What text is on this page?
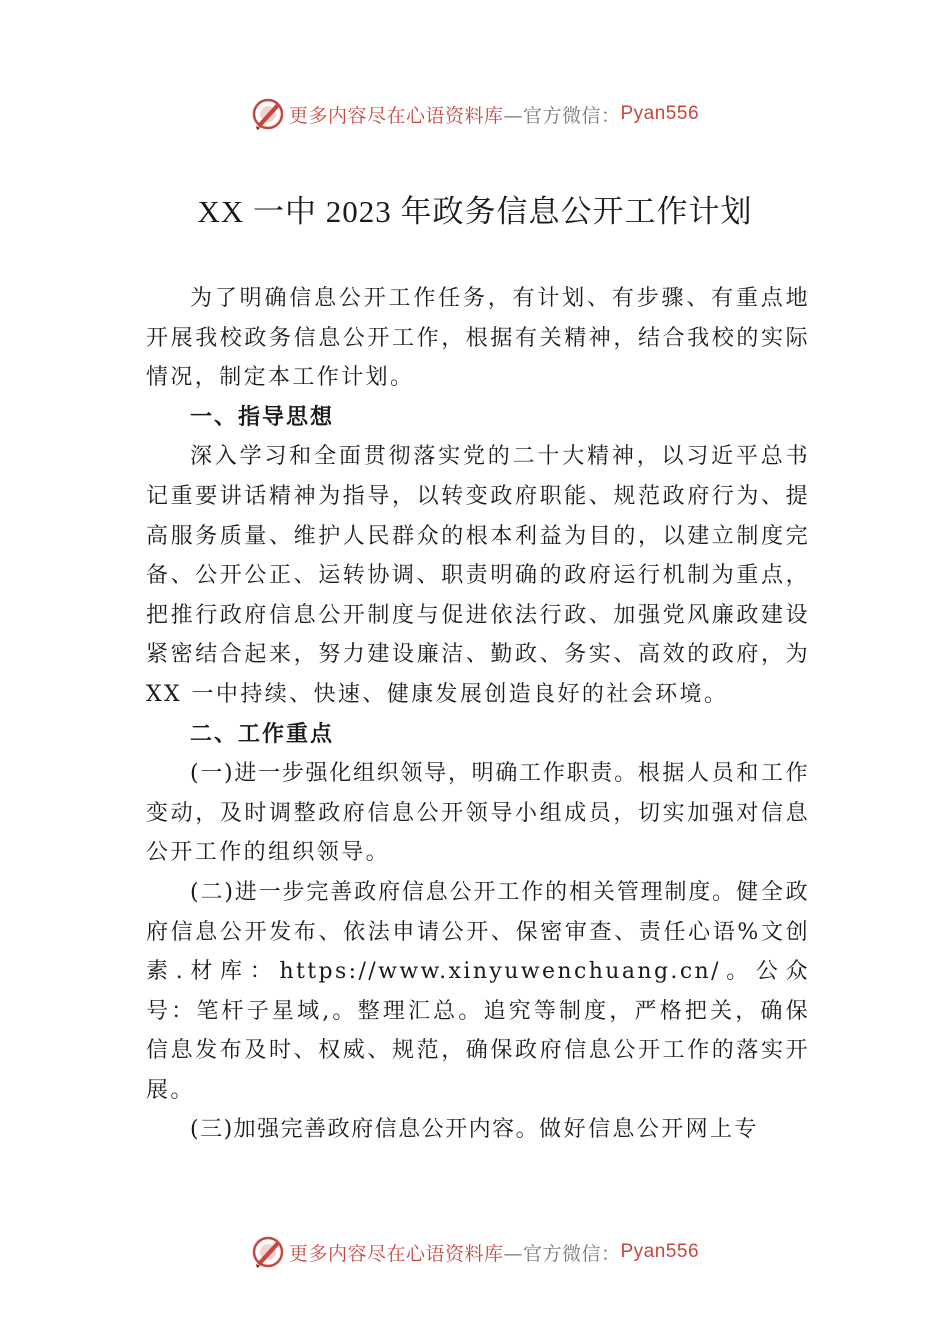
更多内容尽在心语资料库 —官方微信： Pyan556
XX 一中 2023 年政务信息公开工作计划

为了明确信息公开工作任务，有计划、有步骤、有重点地开展我校政务信息公开工作，根据有关精神，结合我校的实际情况，制定本工作计划。

一、指导思想

深入学习和全面贯彻落实党的二十大精神，以习近平总书记重要讲话精神为指导，以转变政府职能、规范政府行为、提高服务质量、维护人民群众的根本利益为目的，以建立制度完备、公开公正、运转协调、职责明确的政府运行机制为重点，把推行政府信息公开制度与促进依法行政、加强党风廉政建设紧密结合起来，努力建设廉洁、勤政、务实、高效的政府，为 XX 一中持续、快速、健康发展创造良好的社会环境。

二、工作重点

(一)进一步强化组织领导，明确工作职责。根据人员和工作变动，及时调整政府信息公开领导小组成员，切实加强对信息公开工作的组织领导。

(二)进一步完善政府信息公开工作的相关管理制度。健全政府信息公开发布、依法申请公开、保密审查、责任心语%文创素.材库：https://www.xinyuwenchuang.cn/。公众号：笔杆子星域,。整理汇总。追究等制度，严格把关，确保信息发布及时、权威、规范，确保政府信息公开工作的落实开展。

(三)加强完善政府信息公开内容。做好信息公开网上专

更多内容尽在心语资料库 —官方微信： Pyan556
